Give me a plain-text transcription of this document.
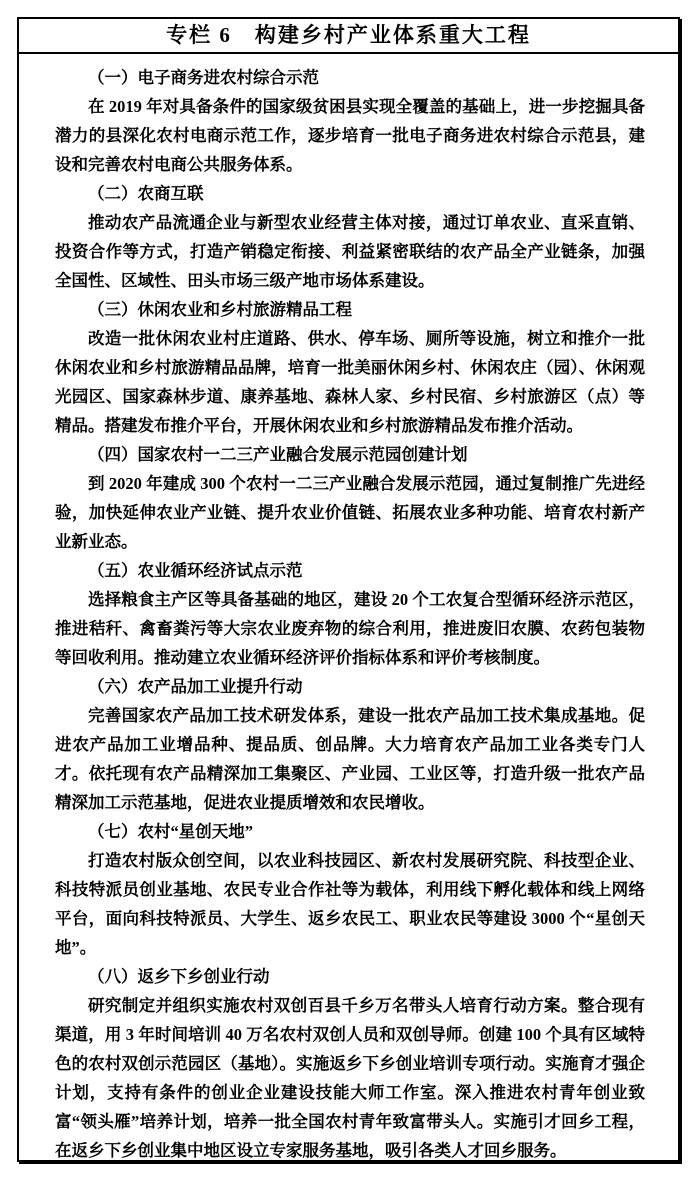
专栏 6　构建乡村产业体系重大工程
（一）电子商务进农村综合示范

在 2019 年对具备条件的国家级贫困县实现全覆盖的基础上，进一步挖掘具备潜力的县深化农村电商示范工作，逐步培育一批电子商务进农村综合示范县，建设和完善农村电商公共服务体系。

（二）农商互联

推动农产品流通企业与新型农业经营主体对接，通过订单农业、直采直销、投资合作等方式，打造产销稳定衔接、利益紧密联结的农产品全产业链条，加强全国性、区域性、田头市场三级产地市场体系建设。

（三）休闲农业和乡村旅游精品工程

改造一批休闲农业村庄道路、供水、停车场、厕所等设施，树立和推介一批休闲农业和乡村旅游精品品牌，培育一批美丽休闲乡村、休闲农庄（园）、休闲观光园区、国家森林步道、康养基地、森林人家、乡村民宿、乡村旅游区（点）等精品。搭建发布推介平台，开展休闲农业和乡村旅游精品发布推介活动。

（四）国家农村一二三产业融合发展示范园创建计划

到 2020 年建成 300 个农村一二三产业融合发展示范园，通过复制推广先进经验，加快延伸农业产业链、提升农业价值链、拓展农业多种功能、培育农村新产业新业态。

（五）农业循环经济试点示范

选择粮食主产区等具备基础的地区，建设 20 个工农复合型循环经济示范区，推进秸秆、禽畜粪污等大宗农业废弃物的综合利用，推进废旧农膜、农药包装物等回收利用。推动建立农业循环经济评价指标体系和评价考核制度。

（六）农产品加工业提升行动

完善国家农产品加工技术研发体系，建设一批农产品加工技术集成基地。促进农产品加工业增品种、提品质、创品牌。大力培育农产品加工业各类专门人才。依托现有农产品精深加工集聚区、产业园、工业区等，打造升级一批农产品精深加工示范基地，促进农业提质增效和农民增收。

（七）农村“星创天地”

打造农村版众创空间，以农业科技园区、新农村发展研究院、科技型企业、科技特派员创业基地、农民专业合作社等为载体，利用线下孵化载体和线上网络平台，面向科技特派员、大学生、返乡农民工、职业农民等建设 3000 个“星创天地”。

（八）返乡下乡创业行动

研究制定并组织实施农村双创百县千乡万名带头人培育行动方案。整合现有渠道，用 3 年时间培训 40 万名农村双创人员和双创导师。创建 100 个具有区域特色的农村双创示范园区（基地）。实施返乡下乡创业培训专项行动。实施育才强企计划，支持有条件的创业企业建设技能大师工作室。深入推进农村青年创业致富“领头雁”培养计划，培养一批全国农村青年致富带头人。实施引才回乡工程，在返乡下乡创业集中地区设立专家服务基地，吸引各类人才回乡服务。
